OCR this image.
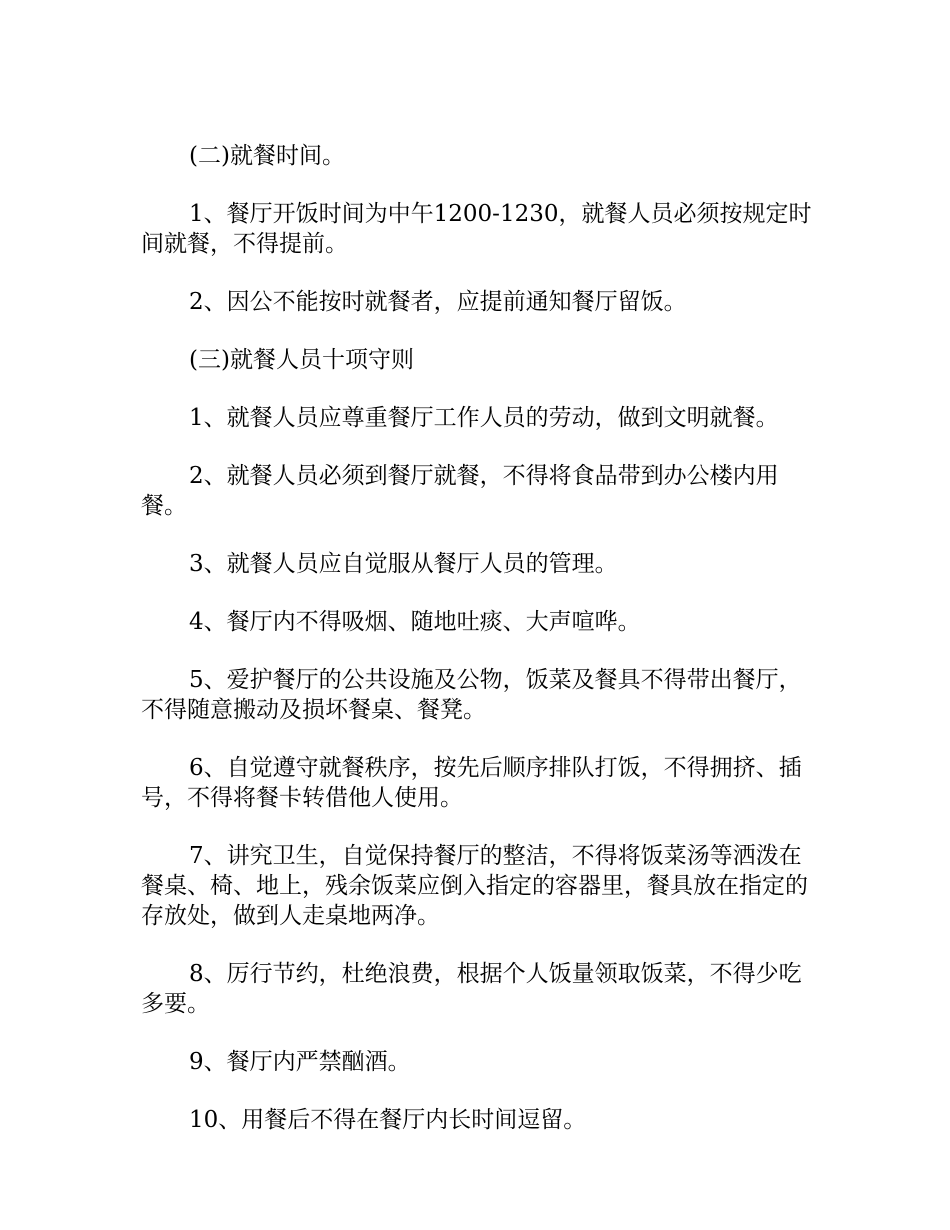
(二)就餐时间。

1、餐厅开饭时间为中午1200-1230，就餐人员必须按规定时间就餐，不得提前。

2、因公不能按时就餐者，应提前通知餐厅留饭。

(三)就餐人员十项守则

1、就餐人员应尊重餐厅工作人员的劳动，做到文明就餐。

2、就餐人员必须到餐厅就餐，不得将食品带到办公楼内用餐。

3、就餐人员应自觉服从餐厅人员的管理。

4、餐厅内不得吸烟、随地吐痰、大声喧哗。

5、爱护餐厅的公共设施及公物，饭菜及餐具不得带出餐厅，不得随意搬动及损坏餐桌、餐凳。

6、自觉遵守就餐秩序，按先后顺序排队打饭，不得拥挤、插号，不得将餐卡转借他人使用。

7、讲究卫生，自觉保持餐厅的整洁，不得将饭菜汤等洒泼在餐桌、椅、地上，残余饭菜应倒入指定的容器里，餐具放在指定的存放处，做到人走桌地两净。

8、厉行节约，杜绝浪费，根据个人饭量领取饭菜，不得少吃多要。

9、餐厅内严禁酗酒。

10、用餐后不得在餐厅内长时间逗留。
